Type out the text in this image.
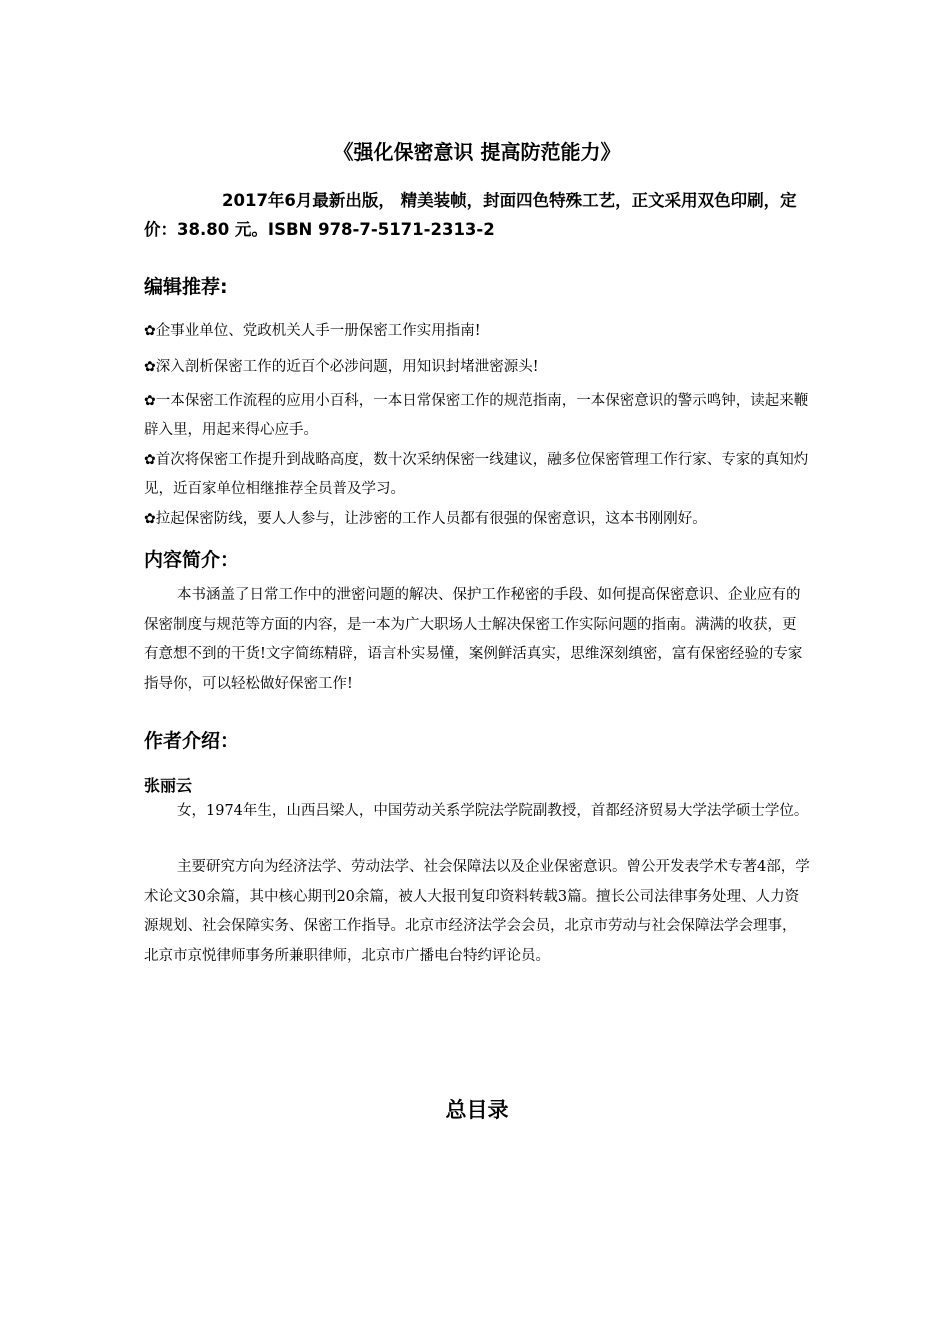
《强化保密意识 提高防范能力》
2017年6月最新出版， 精美装帧，封面四色特殊工艺，正文采用双色印刷，定价：38.80 元。ISBN 978-7-5171-2313-2
编辑推荐:
✿企事业单位、党政机关人手一册保密工作实用指南!
✿深入剖析保密工作的近百个必涉问题，用知识封堵泄密源头!
✿一本保密工作流程的应用小百科，一本日常保密工作的规范指南，一本保密意识的警示鸣钟，读起来鞭辟入里，用起来得心应手。
✿首次将保密工作提升到战略高度，数十次采纳保密一线建议，融多位保密管理工作行家、专家的真知灼见，近百家单位相继推荐全员普及学习。
✿拉起保密防线，要人人参与，让涉密的工作人员都有很强的保密意识，这本书刚刚好。
内容简介：
本书涵盖了日常工作中的泄密问题的解决、保护工作秘密的手段、如何提高保密意识、企业应有的保密制度与规范等方面的内容，是一本为广大职场人士解决保密工作实际问题的指南。满满的收获，更有意想不到的干货!文字简练精辟，语言朴实易懂，案例鲜活真实，思维深刻缜密，富有保密经验的专家指导你，可以轻松做好保密工作!
作者介绍：
张丽云
女，1974年生，山西吕梁人，中国劳动关系学院法学院副教授，首都经济贸易大学法学硕士学位。
主要研究方向为经济法学、劳动法学、社会保障法以及企业保密意识。曾公开发表学术专著4部，学术论文30余篇，其中核心期刊20余篇，被人大报刊复印资料转载3篇。擅长公司法律事务处理、人力资源规划、社会保障实务、保密工作指导。北京市经济法学会会员，北京市劳动与社会保障法学会理事，北京市京悦律师事务所兼职律师，北京市广播电台特约评论员。
总目录
